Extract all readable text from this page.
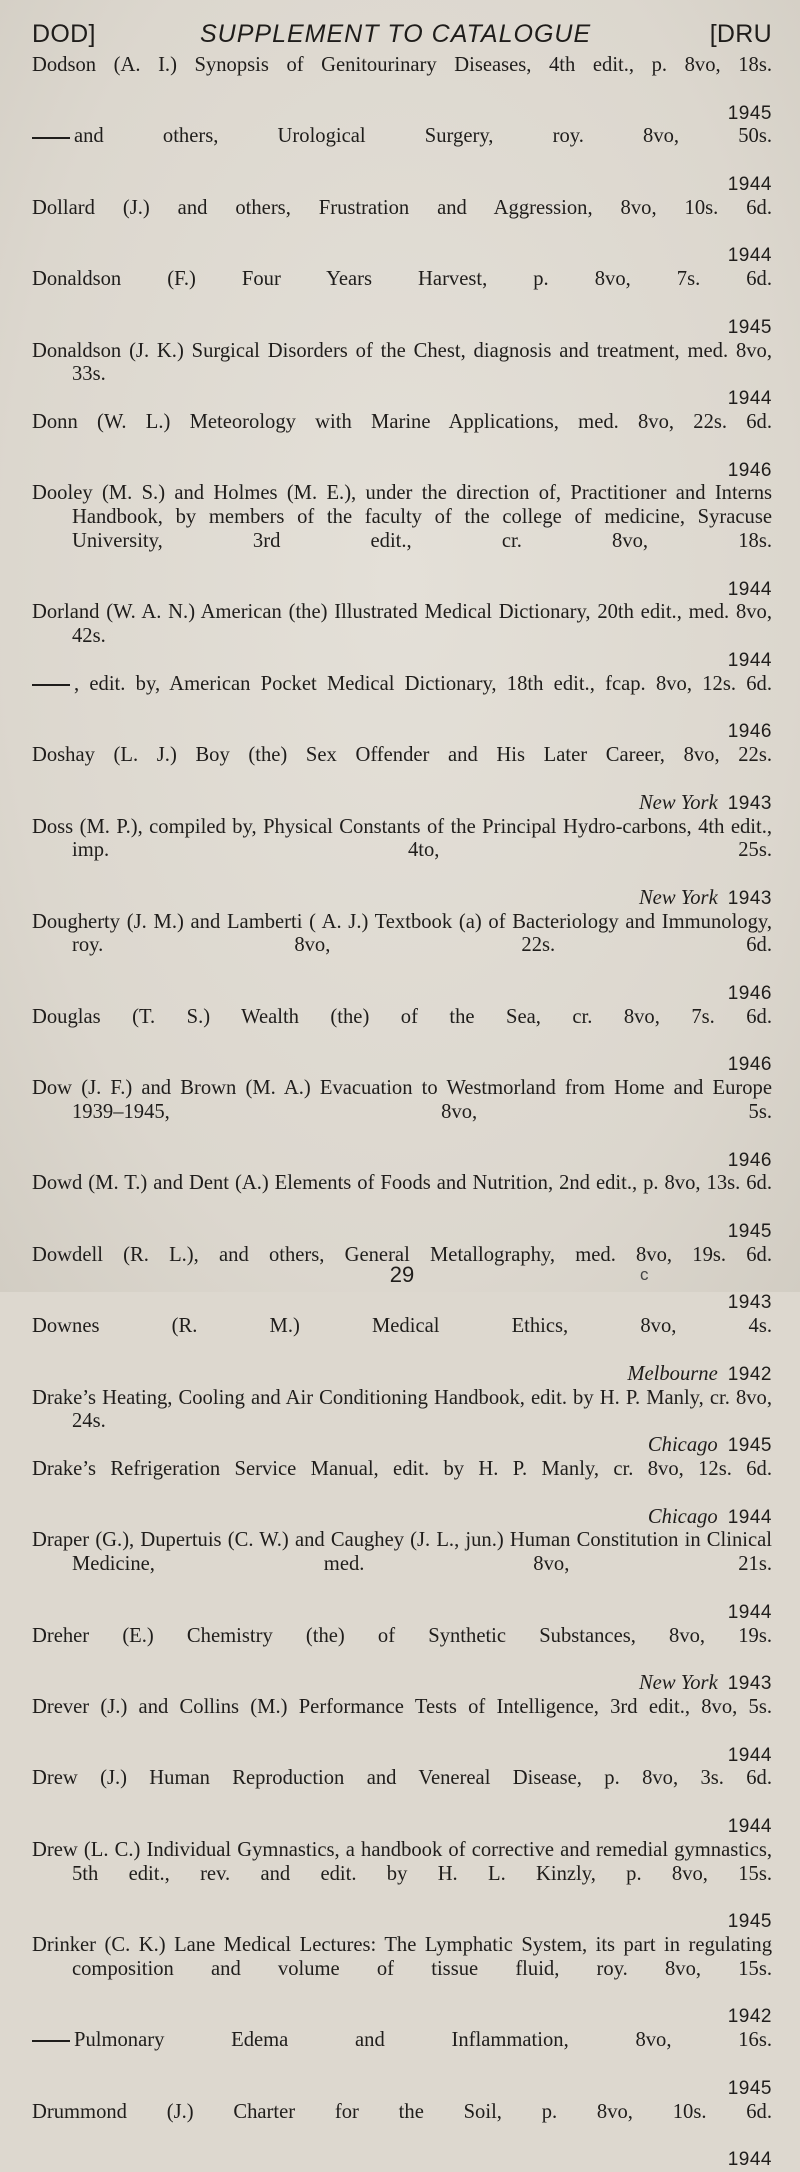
DOD]	SUPPLEMENT TO CATALOGUE	[DRU
Dodson (A. I.) Synopsis of Genitourinary Diseases, 4th edit., p. 8vo, 18s.
1945
and others, Urological Surgery, roy. 8vo, 50s.
1944
Dollard (J.) and others, Frustration and Aggression, 8vo, 10s. 6d.
1944
Donaldson (F.) Four Years Harvest, p. 8vo, 7s. 6d.
1945
Donaldson (J. K.) Surgical Disorders of the Chest, diagnosis and treatment, med. 8vo, 33s.
1944
Donn (W. L.) Meteorology with Marine Applications, med. 8vo, 22s. 6d.
1946
Dooley (M. S.) and Holmes (M. E.), under the direction of, Practitioner and Interns Handbook, by members of the faculty of the college of medicine, Syracuse University, 3rd edit., cr. 8vo, 18s.
1944
Dorland (W. A. N.) American (the) Illustrated Medical Dictionary, 20th edit., med. 8vo, 42s.
1944
, edit. by, American Pocket Medical Dictionary, 18th edit., fcap. 8vo, 12s. 6d.
1946
Doshay (L. J.) Boy (the) Sex Offender and His Later Career, 8vo, 22s.
New York 1943
Doss (M. P.), compiled by, Physical Constants of the Principal Hydro-carbons, 4th edit., imp. 4to, 25s.
New York 1943
Dougherty (J. M.) and Lamberti ( A. J.) Textbook (a) of Bacteriology and Immunology, roy. 8vo, 22s. 6d.
1946
Douglas (T. S.) Wealth (the) of the Sea, cr. 8vo, 7s. 6d.
1946
Dow (J. F.) and Brown (M. A.) Evacuation to Westmorland from Home and Europe 1939–1945, 8vo, 5s.
1946
Dowd (M. T.) and Dent (A.) Elements of Foods and Nutrition, 2nd edit., p. 8vo, 13s. 6d.
1945
Dowdell (R. L.), and others, General Metallography, med. 8vo, 19s. 6d.
1943
Downes (R. M.) Medical Ethics, 8vo, 4s.
Melbourne 1942
Drake’s Heating, Cooling and Air Conditioning Handbook, edit. by H. P. Manly, cr. 8vo, 24s.
Chicago 1945
Drake’s Refrigeration Service Manual, edit. by H. P. Manly, cr. 8vo, 12s. 6d.
Chicago 1944
Draper (G.), Dupertuis (C. W.) and Caughey (J. L., jun.) Human Constitution in Clinical Medicine, med. 8vo, 21s.
1944
Dreher (E.) Chemistry (the) of Synthetic Substances, 8vo, 19s.
New York 1943
Drever (J.) and Collins (M.) Performance Tests of Intelligence, 3rd edit., 8vo, 5s.
1944
Drew (J.) Human Reproduction and Venereal Disease, p. 8vo, 3s. 6d.
1944
Drew (L. C.) Individual Gymnastics, a handbook of corrective and remedial gymnastics, 5th edit., rev. and edit. by H. L. Kinzly, p. 8vo, 15s.
1945
Drinker (C. K.) Lane Medical Lectures: The Lymphatic System, its part in regulating composition and volume of tissue fluid, roy. 8vo, 15s.
1942
Pulmonary Edema and Inflammation, 8vo, 16s.
1945
Drummond (J.) Charter for the Soil, p. 8vo, 10s. 6d.
1944
29	c
